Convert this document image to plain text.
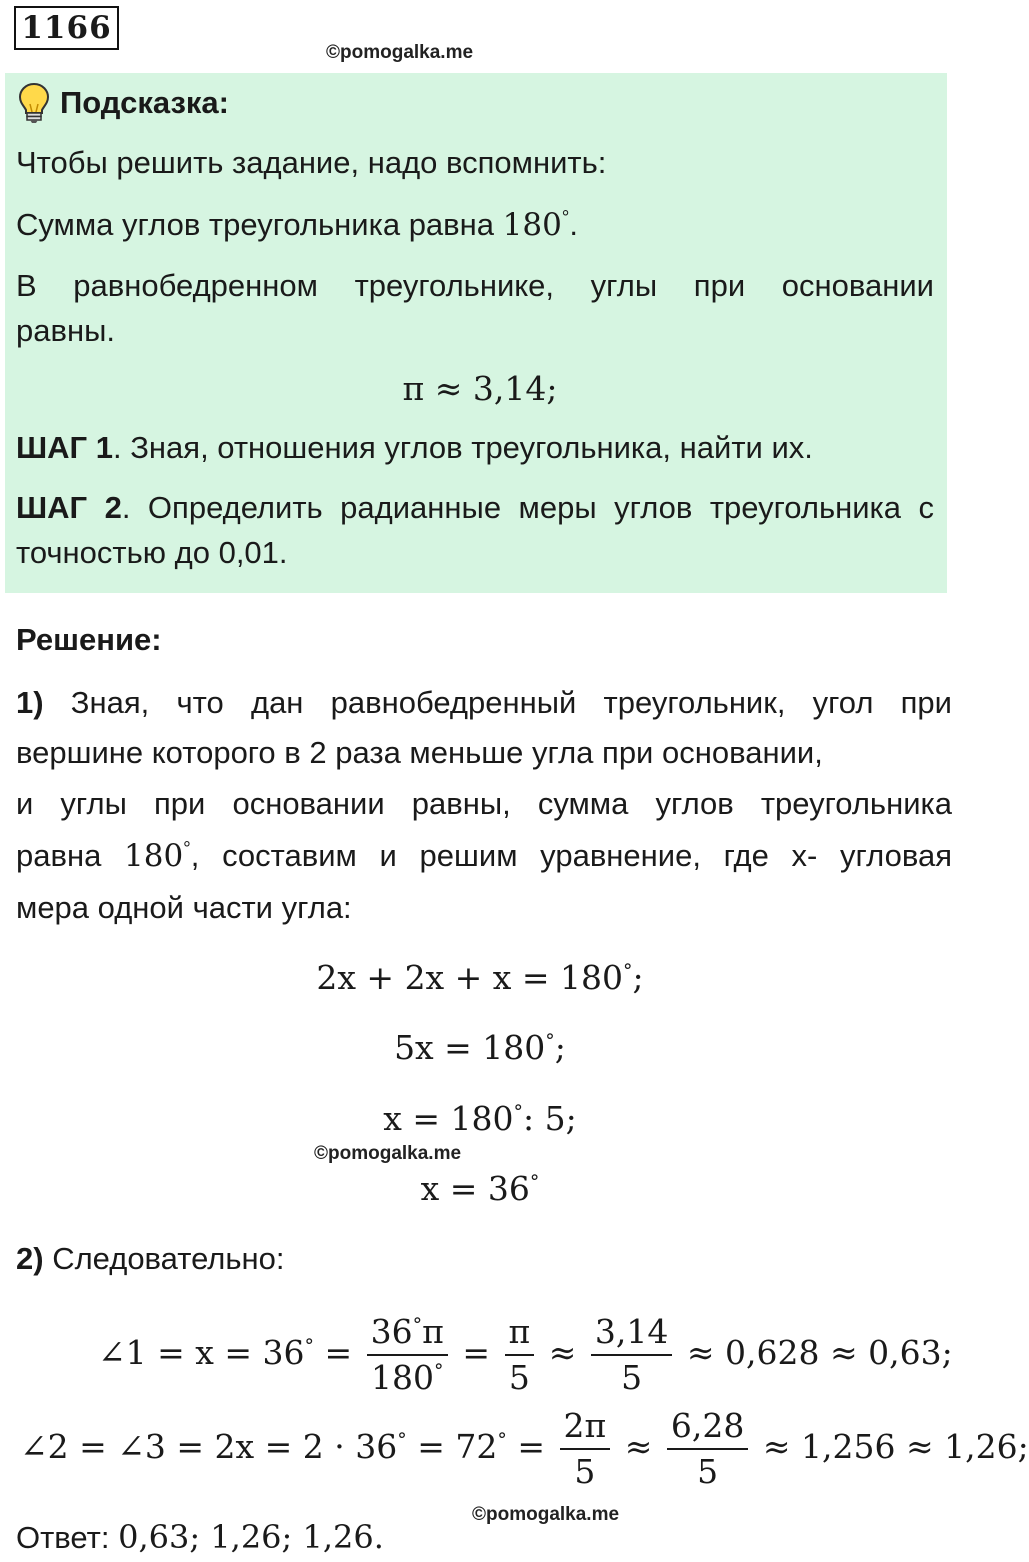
1166
©pomogalka.me
Подсказка:
Чтобы решить задание, надо вспомнить:
Сумма углов треугольника равна 180°.
В равнобедренном треугольнике, углы при основании
равны.
π ≈ 3,14;
ШАГ 1. Зная, отношения углов треугольника, найти их.
ШАГ 2. Определить радианные меры углов треугольника с
точностью до 0,01.
Решение:
1) Зная, что дан равнобедренный треугольник, угол при
вершине которого в 2 раза меньше угла при основании,
и углы при основании равны, сумма углов треугольника
равна 180°, составим и решим уравнение, где х- угловая
мера одной части угла:
2x + 2x + x = 180°;
5x = 180°;
x = 180°: 5;
©pomogalka.me
x = 36°
2) Следовательно:
∠1 = $x = 36^\circ = \frac{36^\circ\pi}{180^\circ} = \frac{\pi}{5} \approx \frac{3,14}{5} \approx 0,628 \approx 0,63$;
∠2 = ∠3 = $2x = 2 \cdot 36^\circ = 72^\circ = \frac{2\pi}{5} \approx \frac{6,28}{5} \approx 1,256 \approx 1,26$;
©pomogalka.me
Ответ: 0,63; 1,26; 1,26.
